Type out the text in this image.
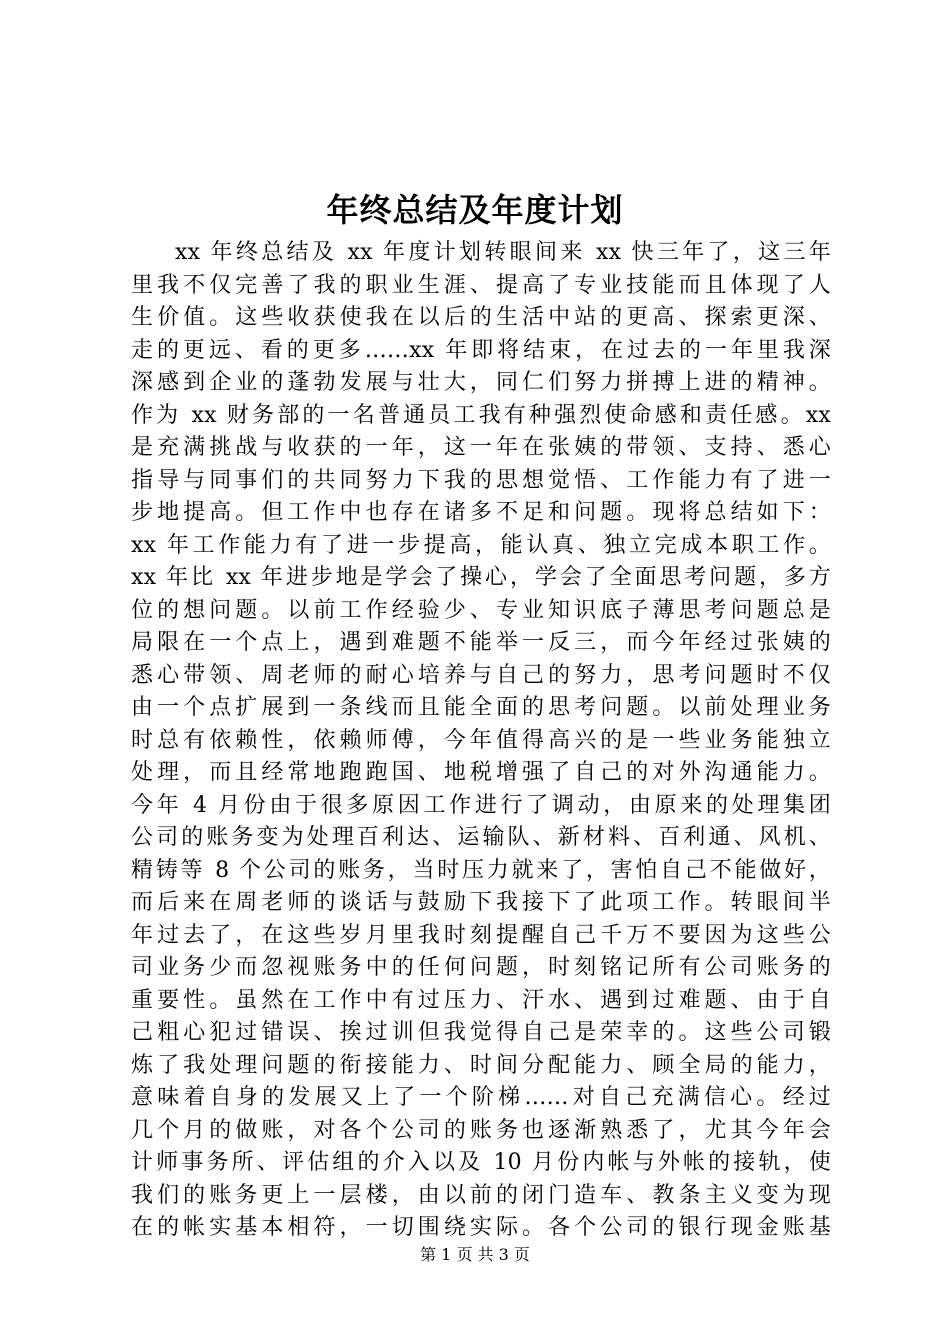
年终总结及年度计划
xx 年终总结及 xx 年度计划转眼间来 xx 快三年了，这三年
里我不仅完善了我的职业生涯、提高了专业技能而且体现了人
生价值。这些收获使我在以后的生活中站的更高、探索更深、
走的更远、看的更多……xx 年即将结束，在过去的一年里我深
深感到企业的蓬勃发展与壮大，同仁们努力拼搏上进的精神。
作为 xx 财务部的一名普通员工我有种强烈使命感和责任感。xx
是充满挑战与收获的一年，这一年在张姨的带领、支持、悉心
指导与同事们的共同努力下我的思想觉悟、工作能力有了进一
步地提高。但工作中也存在诸多不足和问题。现将总结如下：
xx 年工作能力有了进一步提高，能认真、独立完成本职工作。
xx 年比 xx 年进步地是学会了操心，学会了全面思考问题，多方
位的想问题。以前工作经验少、专业知识底子薄思考问题总是
局限在一个点上，遇到难题不能举一反三，而今年经过张姨的
悉心带领、周老师的耐心培养与自己的努力，思考问题时不仅
由一个点扩展到一条线而且能全面的思考问题。以前处理业务
时总有依赖性，依赖师傅，今年值得高兴的是一些业务能独立
处理，而且经常地跑跑国、地税增强了自己的对外沟通能力。
今年 4 月份由于很多原因工作进行了调动，由原来的处理集团
公司的账务变为处理百利达、运输队、新材料、百利通、风机、
精铸等 8 个公司的账务，当时压力就来了，害怕自己不能做好，
而后来在周老师的谈话与鼓励下我接下了此项工作。转眼间半
年过去了，在这些岁月里我时刻提醒自己千万不要因为这些公
司业务少而忽视账务中的任何问题，时刻铭记所有公司账务的
重要性。虽然在工作中有过压力、汗水、遇到过难题、由于自
己粗心犯过错误、挨过训但我觉得自己是荣幸的。这些公司锻
炼了我处理问题的衔接能力、时间分配能力、顾全局的能力，
意味着自身的发展又上了一个阶梯……对自己充满信心。经过
几个月的做账，对各个公司的账务也逐渐熟悉了，尤其今年会
计师事务所、评估组的介入以及 10 月份内帐与外帐的接轨，使
我们的账务更上一层楼，由以前的闭门造车、教条主义变为现
在的帐实基本相符，一切围绕实际。各个公司的银行现金账基
第 1 页 共 3 页
